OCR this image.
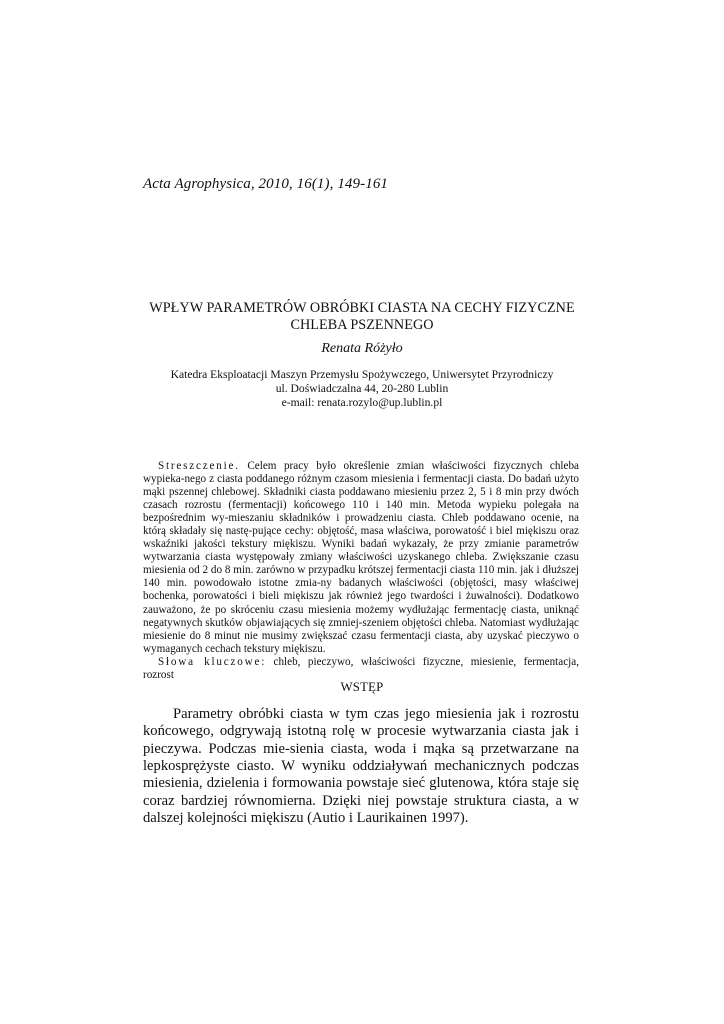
Acta Agrophysica, 2010, 16(1), 149-161
WPŁYW PARAMETRÓW OBRÓBKI CIASTA NA CECHY FIZYCZNE
CHLEBA PSZENNEGO
Renata Różyło
Katedra Eksploatacji Maszyn Przemysłu Spożywczego, Uniwersytet Przyrodniczy
ul. Doświadczalna 44, 20-280 Lublin
e-mail: renata.rozylo@up.lublin.pl

Streszczenie. Celem pracy było określenie zmian właściwości fizycznych chleba wypieka-nego z ciasta poddanego różnym czasom miesienia i fermentacji ciasta. Do badań użyto mąki pszennej chlebowej. Składniki ciasta poddawano miesieniu przez 2, 5 i 8 min przy dwóch czasach rozrostu (fermentacji) końcowego 110 i 140 min. Metoda wypieku polegała na bezpośrednim wy-mieszaniu składników i prowadzeniu ciasta. Chleb poddawano ocenie, na którą składały się nastę-pujące cechy: objętość, masa właściwa, porowatość i biel miękiszu oraz wskaźniki jakości tekstury miękiszu. Wyniki badań wykazały, że przy zmianie parametrów wytwarzania ciasta występowały zmiany właściwości uzyskanego chleba. Zwiększanie czasu miesienia od 2 do 8 min. zarówno w przypadku krótszej fermentacji ciasta 110 min. jak i dłuższej 140 min. powodowało istotne zmia-ny badanych właściwości (objętości, masy właściwej bochenka, porowatości i bieli miękiszu jak również jego twardości i żuwalności). Dodatkowo zauważono, że po skróceniu czasu miesienia możemy wydłużając fermentację ciasta, uniknąć negatywnych skutków objawiających się zmniej-szeniem objętości chleba. Natomiast wydłużając miesienie do 8 minut nie musimy zwiększać czasu fermentacji ciasta, aby uzyskać pieczywo o wymaganych cechach tekstury miękiszu.

Słowa kluczowe: chleb, pieczywo, właściwości fizyczne, miesienie, fermentacja, rozrost

WSTĘP

Parametry obróbki ciasta w tym czas jego miesienia jak i rozrostu końcowego, odgrywają istotną rolę w procesie wytwarzania ciasta jak i pieczywa. Podczas mie-sienia ciasta, woda i mąka są przetwarzane na lepkosprężyste ciasto. W wyniku oddziaływań mechanicznych podczas miesienia, dzielenia i formowania powstaje sieć glutenowa, która staje się coraz bardziej równomierna. Dzięki niej powstaje struktura ciasta, a w dalszej kolejności miękiszu (Autio i Laurikainen 1997).
